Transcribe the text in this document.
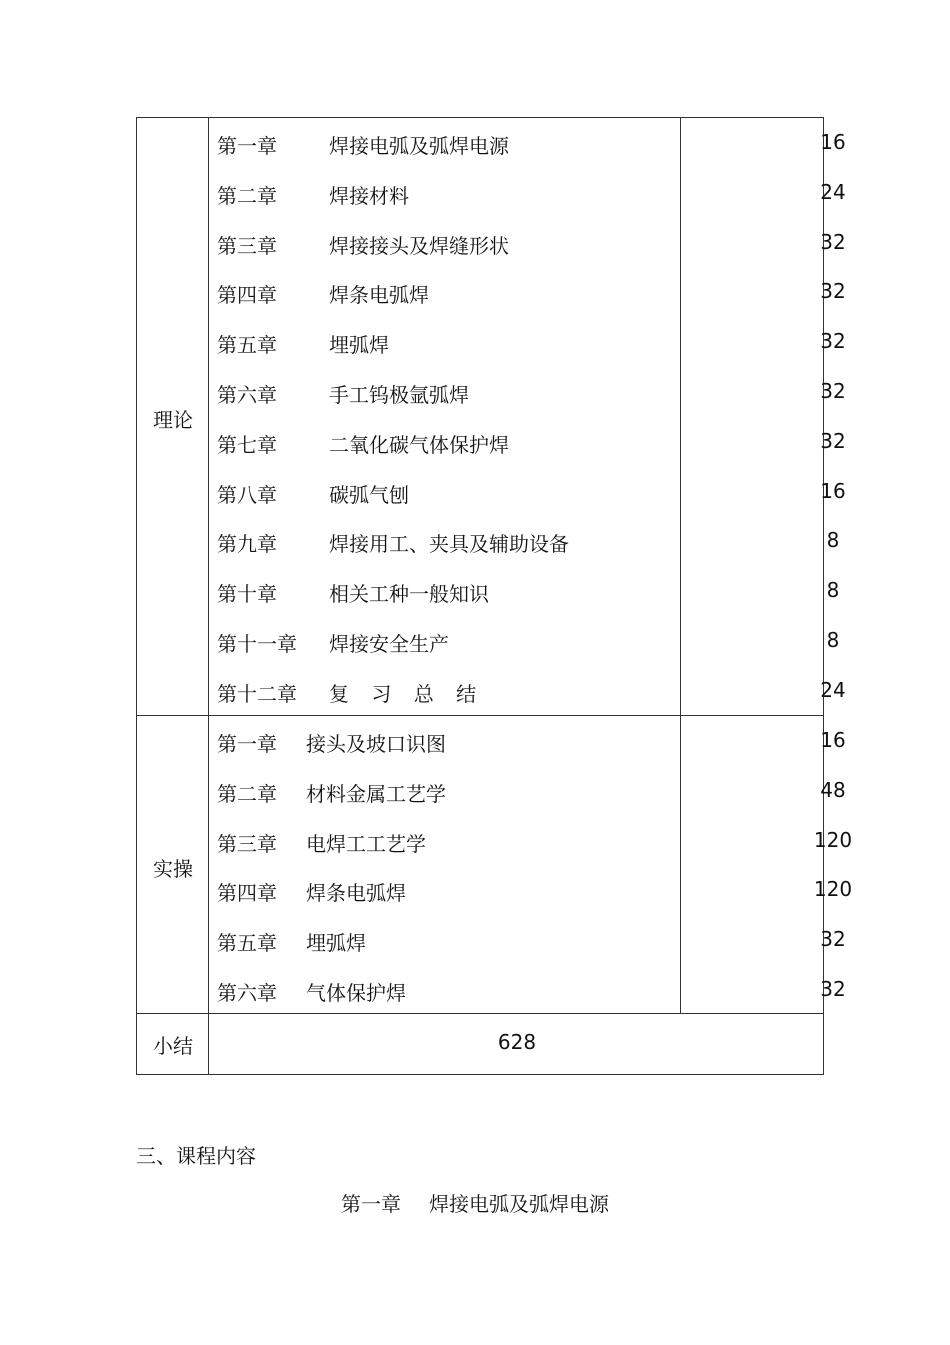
理论
第一章	焊接电弧及弧焊电源	16
第二章	焊接材料	24
第三章	焊接接头及焊缝形状	32
第四章	焊条电弧焊	32
第五章	埋弧焊	32
第六章	手工钨极氩弧焊	32
第七章	二氧化碳气体保护焊	32
第八章	碳弧气刨	16
第九章	焊接用工、夹具及辅助设备	8
第十章	相关工种一般知识	8
第十一章 焊接安全生产	8
第十二章 复 习 总 结	24
实操
第一章 接头及坡口识图	16
第二章 材料金属工艺学	48
第三章 电焊工工艺学	120
第四章 焊条电弧焊	120
第五章 埋弧焊	32
第六章 气体保护焊	32
小结	628
三、课程内容
第一章 焊接电弧及弧焊电源
